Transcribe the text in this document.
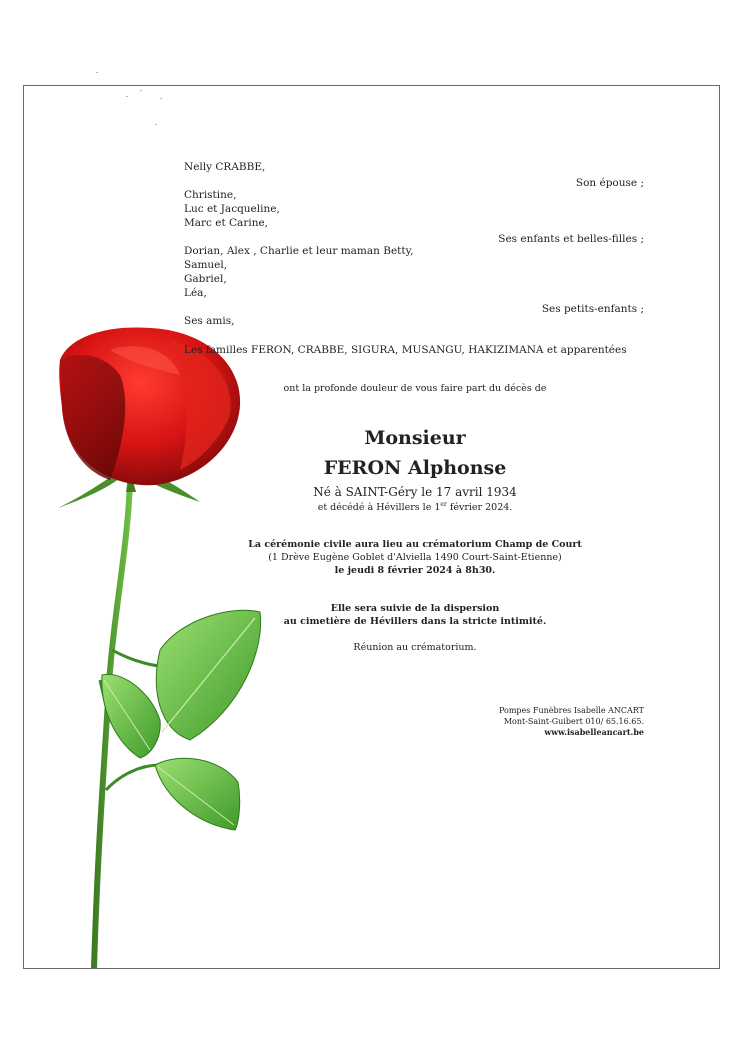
Nelly CRABBE,
Son épouse ;
Christine,
Luc et Jacqueline,
Marc et Carine,
Ses enfants et belles-filles ;
Dorian, Alex , Charlie et leur maman Betty,
Samuel,
Gabriel,
Léa,
Ses petits-enfants ;
Ses amis,
Les familles FERON, CRABBE, SIGURA, MUSANGU, HAKIZIMANA et apparentées
ont la profonde douleur de vous faire part du décès de
Monsieur
FERON Alphonse
Né à SAINT-Géry le 17 avril 1934
et décédé à Hévillers le 1er février 2024.
La cérémonie civile aura lieu au crématorium Champ de Court
(1 Drève Eugène Goblet d'Alviella 1490 Court-Saint-Etienne)
le jeudi 8 février 2024 à 8h30.
Elle sera suivie de la dispersion
au cimetière de Hévillers dans la stricte intimité.
Réunion au crématorium.
Pompes Funèbres Isabelle ANCART
Mont-Saint-Guibert 010/ 65.16.65.
www.isabelleancart.be
